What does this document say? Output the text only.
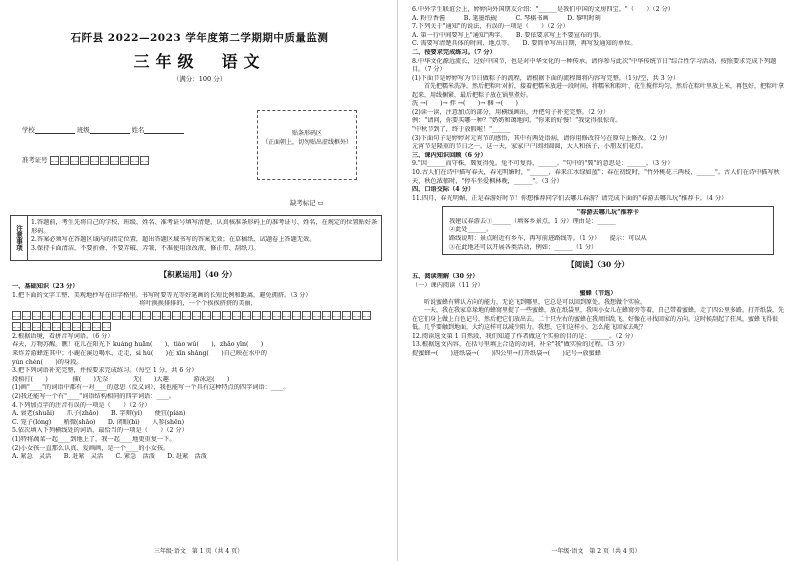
石阡县 2022—2023 学年度第二学期期中质量监测
三年级　语文
（满分：100 分）
学校	班级	姓名
准考证号
贴条形码区
（正面朝上，切勿贴出虚线框外）
缺考标记 ▭
注意事项
1.答题前，考生先将自己的学校、班级、姓名、准考证号填写清楚，认真核准条形码上的准考证号、姓名，在规定的位置贴好条形码。
2.答案必须写在答题区域内的指定位置，超出答题区域书写的答案无效；在草稿纸、试题卷上答题无效。
3.保持卡面清洁，不要折叠、不要弄破、弄皱，不准使用涂改液、修正带、刮纸刀。
【积累运用】（40 分）
一、基础知识（23 分）
1.把下面的文字工整、美观地抄写在田字格里。书写时要等光等好笔画的长短比例和距离，避免拥挤。（3 分）
将叶换换排排的，一个个挨挨挤挤的美丽，
2.根据语境，看拼音写词语。（6 分）
春天，万物苏醒。瞧！花儿在阳光下 kuáng huān(　　)，tiào wǔ(　　)，zhāo yīn(　　)
来炸芳游蜂连其中；小鹿在溪边喝水、走走，sì hù(　　)在 xīn shǎng(　　)自己映在水中的
yún chèn(　　)的身段。
3.把下列词语补充完整，并按要求完成练习。（每空 1 分，共 6 分）
投植打(　　)　　　　捕(　　)无奈　　　　无(　　)大趣　　　　游泳运(　　)
(1)画"____"的词语中都有一对____的意思（反义词），我也能写一个具有这种特点的四字词语：____。
(2)我还能写一个有"____"词语结构相同的四字词语：____。
4.下列加点字的注音有误的一项是（　　）（2 分）
A. 衰老(shuāi)　　爪子(zhǎo)　　 B. 字辩(yí)　　便宜(pián)
C. 笼子(lóng)　　稍微(shāo)　　 D. 闭眼(bì)　　人参(shēn)
5.依次填入下列横线处的词语，最恰当的一项是（　　）（2 分）
(1)特将蔬菜一起____到地上了，我一起____地更重复一下。
(2)小女孩一直那么认真、爱画画，是一个____的小女孩。
A. 紧急　灵活　　 B. 赶紧　灵活　　 C. 紧急　活泼　　 D. 赶紧　活泼
三年级·语文　第 1 页（共 4 页）
6.中外学生联谊会上，婷婷向外国朋友介绍："______是我们中国的文房四宝。"（　　）（2 分）
A. 粉豆香酱　　　	B. 笔墨纸砚　　　	C. 琴棋书画　　　	D. 黎明时刻
7.下列关于"通知"的说法，有误的一项是（　　）（2 分）
A. 第一行中间要写上"通知"两字。　　 B. 要依要求写上不要宣布的事。
C. 需要写清楚具体的时间、地点等。　　 D. 要简单写出日期，再写发通知的单位。
二、按要求完成练习。（7 分）
8.中华文化源远流长，过好中国节，也是对中华文化的一种传承。请你参与此次"中华传统节日"综合性学习活动，按照要求完成下列题目。（7 分）
(1)下面节是婷婷写为节日做粽子的流程，请根据下面的流程图将内容写完整。（1分/空，共 3 分）
首先把糯米洗净，然后把粽叶对折，接着把糯米放进一段时间，将糯米和粽叶、花生搅拌均匀，然后在粽叶里放上米，再包好，把粽叶拿起来，用线捆紧，最后把粽子放在锅里煮好。
洗 →(　　)→ 拌 →(　　)→ 捆 →(　　)
(2)读一读，注意加点的部分，用横线画出，并把句子补充完整。（2 分）
例："请问，你要买哪一种？"奶奶和蔼地问。"你来的好慢！"我觉得很惊奇。
"中秋节到了，终于放假啦！"______
(3)下面句子是婷婷对元宵节的感悟，其中有两处语病，请你用修改符号在原句上修改。（2 分）
元宵节是隆重的节日之一。这一天，家家户户团团圆圆，大人和孩子，小朋友们花灯。
三、课内知识回顾（6 分）
9."因______而守株，冀复得兔。兔不可复得，______。"句中的"冀"的意思是：______。（3 分）
10.古人们在诗中描写春天，春光明媚时，"______，春来江水绿如蓝"；春在初绽时，"竹外桃花三两枝，______"。古人们在诗中描写秋天，秋色浓郁时，"停车坐爱枫林晚，______"。（3 分）
四、口语交际（4 分）
11.四月，春光明媚，正是春游好时节！你想推荐同学们去哪儿春游？请完成下面的"春游去哪儿玩"推荐卡。（4 分）
"春游去哪儿玩"推荐卡
我建议春游去①______（填客乡景点，1 分）理由是：______
②此处______。
路线说明：景点附近有乡车，再写前进路线等。（1 分）　　提示：可以从
③在此地还可以开展各类活动，例如：______（1 分）
【阅读】（30 分）
五、阅读理解（30 分）
（一）课内阅读（11 分）
蜜蜂（节选）
听说蜜蜂有辨认方向的能力，无论飞到哪里，它总是可以回到原处。我想做个实验。
一天，我在我家草垛地的蜂窝里捉了一些蜜蜂，放在纸袋里，我叫小女儿在蜂窝旁等着，自己带着蜜蜂，走了四公里多路。打开纸袋，先在它们身上做上白色记号，然后把它们放出去。二十只左右的蜜蜂在我周围乱飞，好像在寻找回家的方向。这时候刮起了狂风，蜜蜂飞得很低，几乎要触到地面，大约这样可以减少阻力。我想，它们这样小，怎么能飞回家去呢？
12.阅读选文第 1 自然段，我们知道了作者做这个实验的目的是：______。（2 分）
13.根据选文内容，在括号里填上合适的动词，补全"我"做实验的过程。（3 分）
捉蜜蜂→(　　)进纸袋→(　　)四公里→打开纸袋→(　　)记号→放蜜蜂
一年级·语文　第 2 页（共 4 页）
